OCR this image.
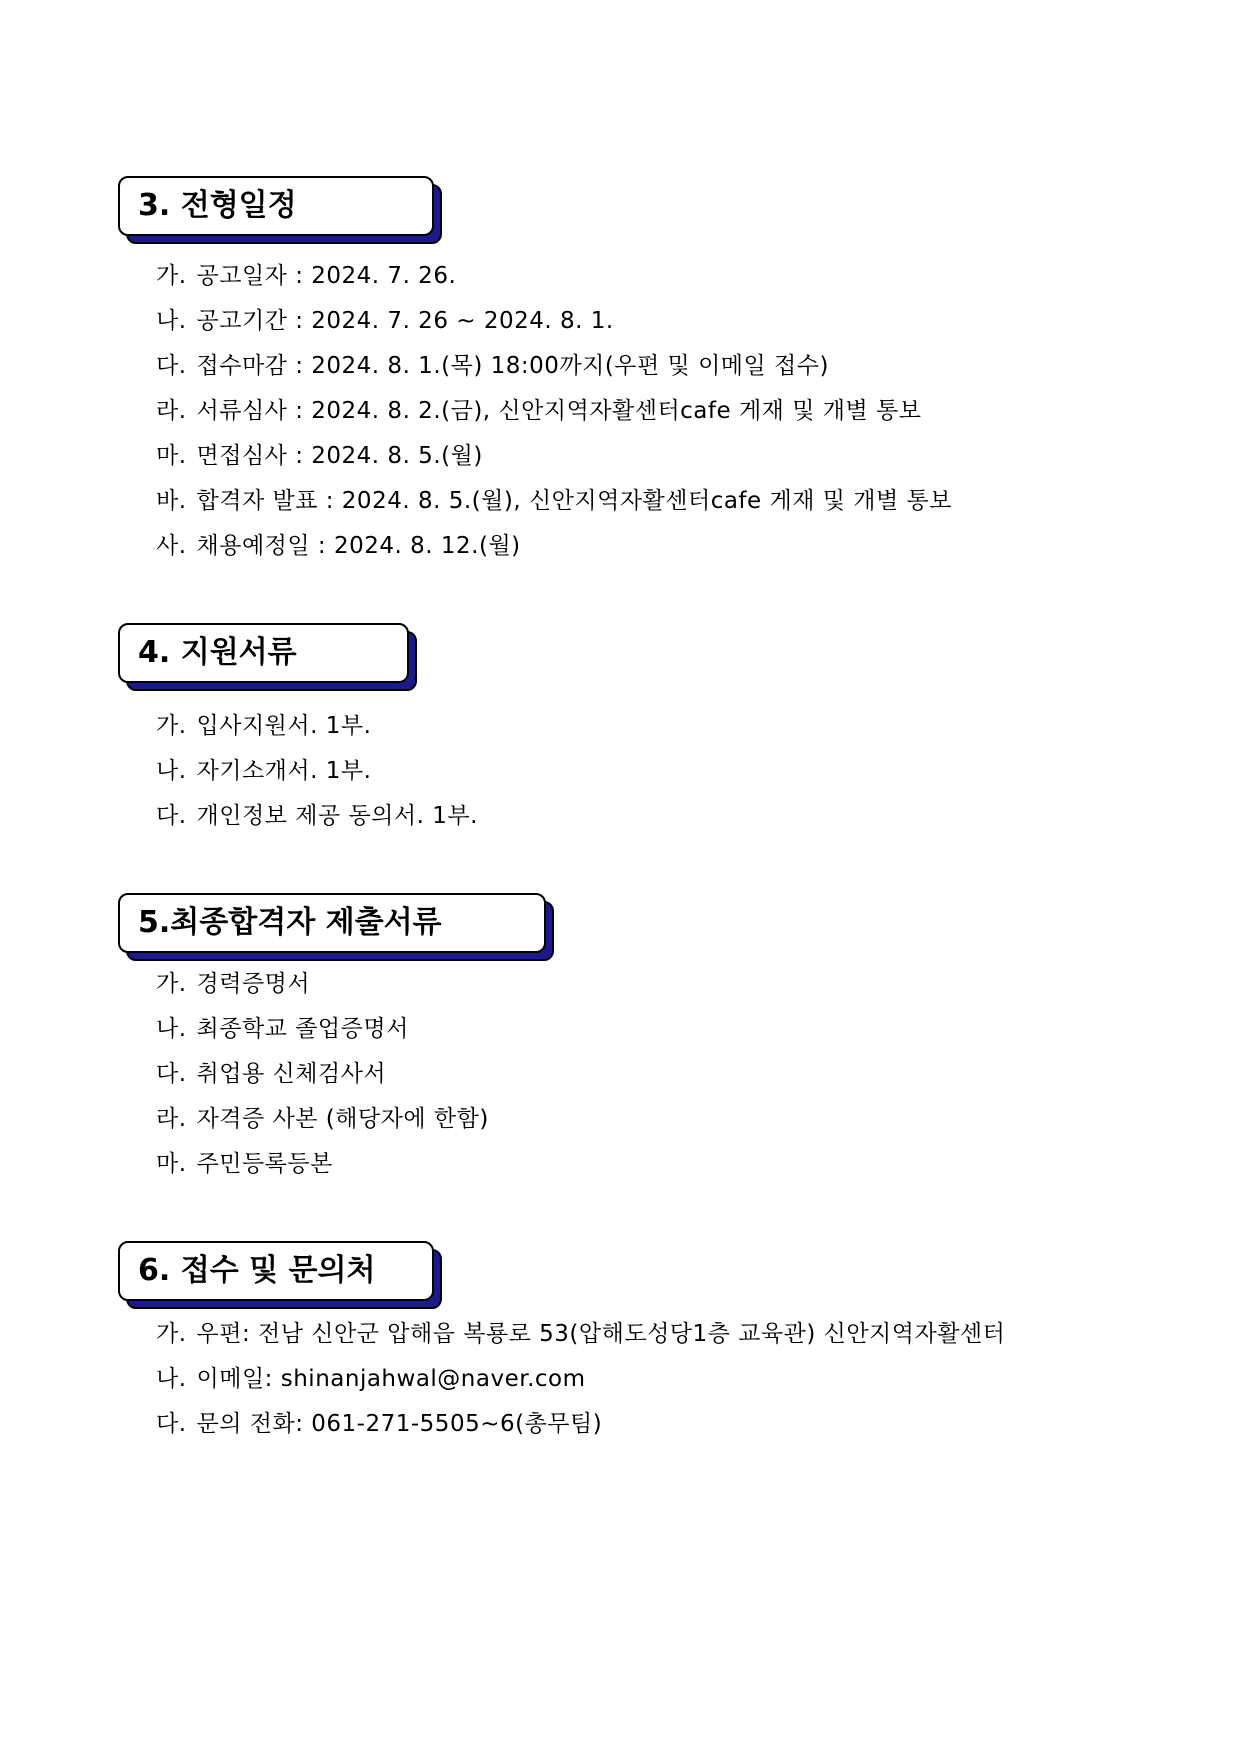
3. 전형일정
가. 공고일자 : 2024. 7. 26.
나. 공고기간 : 2024. 7. 26 ~ 2024. 8. 1.
다. 접수마감 : 2024. 8. 1.(목) 18:00까지(우편 및 이메일 접수)
라. 서류심사 : 2024. 8. 2.(금), 신안지역자활센터cafe 게재 및 개별 통보
마. 면접심사 : 2024. 8. 5.(월)
바. 합격자 발표 : 2024. 8. 5.(월), 신안지역자활센터cafe 게재 및 개별 통보
사. 채용예정일 : 2024. 8. 12.(월)
4. 지원서류
가. 입사지원서. 1부.
나. 자기소개서. 1부.
다. 개인정보 제공 동의서. 1부.
5.최종합격자 제출서류
가. 경력증명서
나. 최종학교 졸업증명서
다. 취업용 신체검사서
라. 자격증 사본 (해당자에 한함)
마. 주민등록등본
6. 접수 및 문의처
가. 우편: 전남 신안군 압해읍 복룡로 53(압해도성당1층 교육관) 신안지역자활센터
나. 이메일: shinanjahwal@naver.com
다. 문의 전화: 061-271-5505~6(총무팀)
